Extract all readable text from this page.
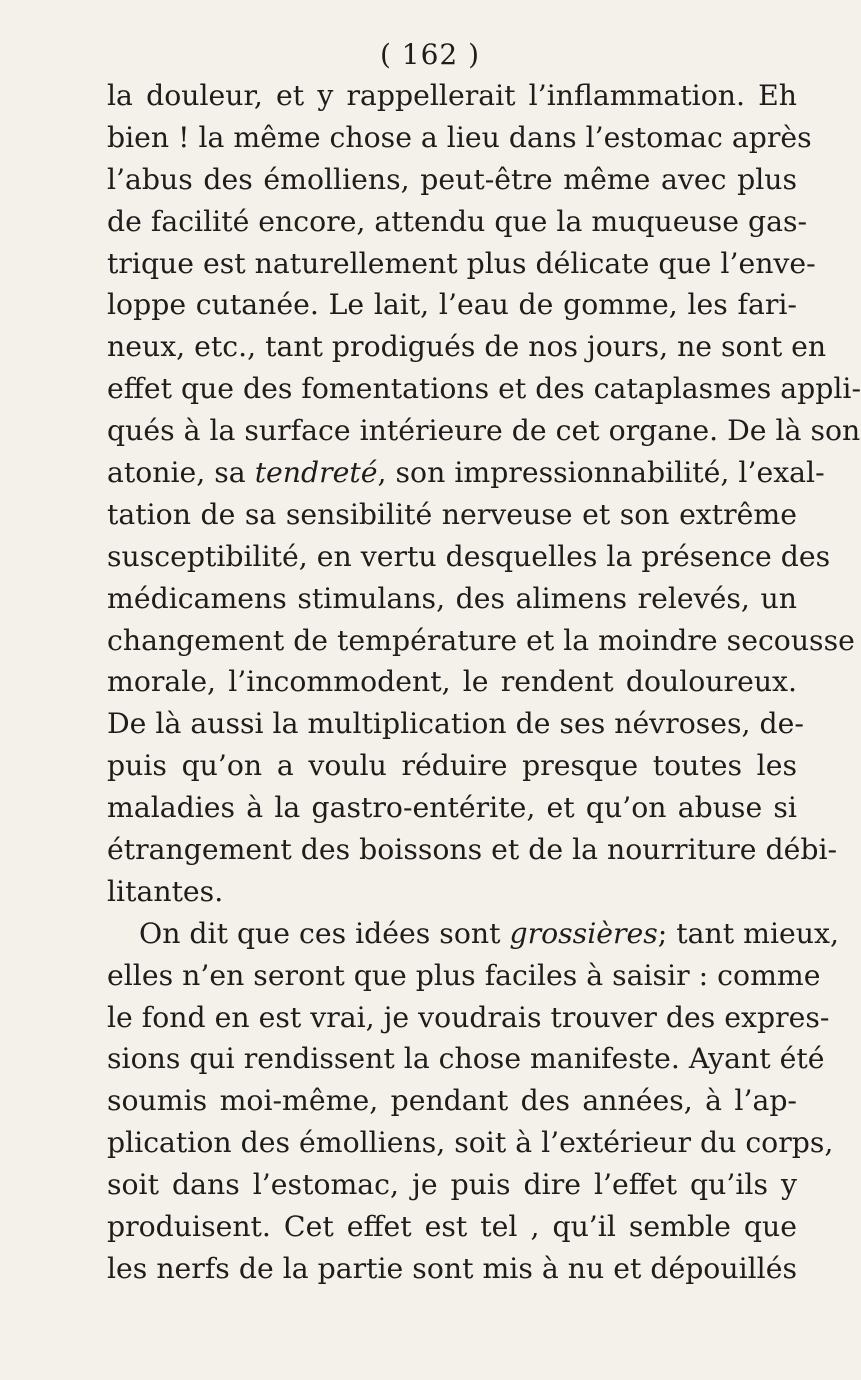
( 162 )
la douleur, et y rappellerait l’inflammation. Eh
bien ! la même chose a lieu dans l’estomac après
l’abus des émolliens, peut-être même avec plus
de facilité encore, attendu que la muqueuse gas-
trique est naturellement plus délicate que l’enve-
loppe cutanée. Le lait, l’eau de gomme, les fari-
neux, etc., tant prodigués de nos jours, ne sont en
effet que des fomentations et des cataplasmes appli-
qués à la surface intérieure de cet organe. De là son
atonie, sa tendreté, son impressionnabilité, l’exal-
tation de sa sensibilité nerveuse et son extrême
susceptibilité, en vertu desquelles la présence des
médicamens stimulans, des alimens relevés, un
changement de température et la moindre secousse
morale, l’incommodent, le rendent douloureux.
De là aussi la multiplication de ses névroses, de-
puis qu’on a voulu réduire presque toutes les
maladies à la gastro-entérite, et qu’on abuse si
étrangement des boissons et de la nourriture débi-
litantes.
On dit que ces idées sont grossières; tant mieux,
elles n’en seront que plus faciles à saisir : comme
le fond en est vrai, je voudrais trouver des expres-
sions qui rendissent la chose manifeste. Ayant été
soumis moi-même, pendant des années, à l’ap-
plication des émolliens, soit à l’extérieur du corps,
soit dans l’estomac, je puis dire l’effet qu’ils y
produisent. Cet effet est tel , qu’il semble que
les nerfs de la partie sont mis à nu et dépouillés
